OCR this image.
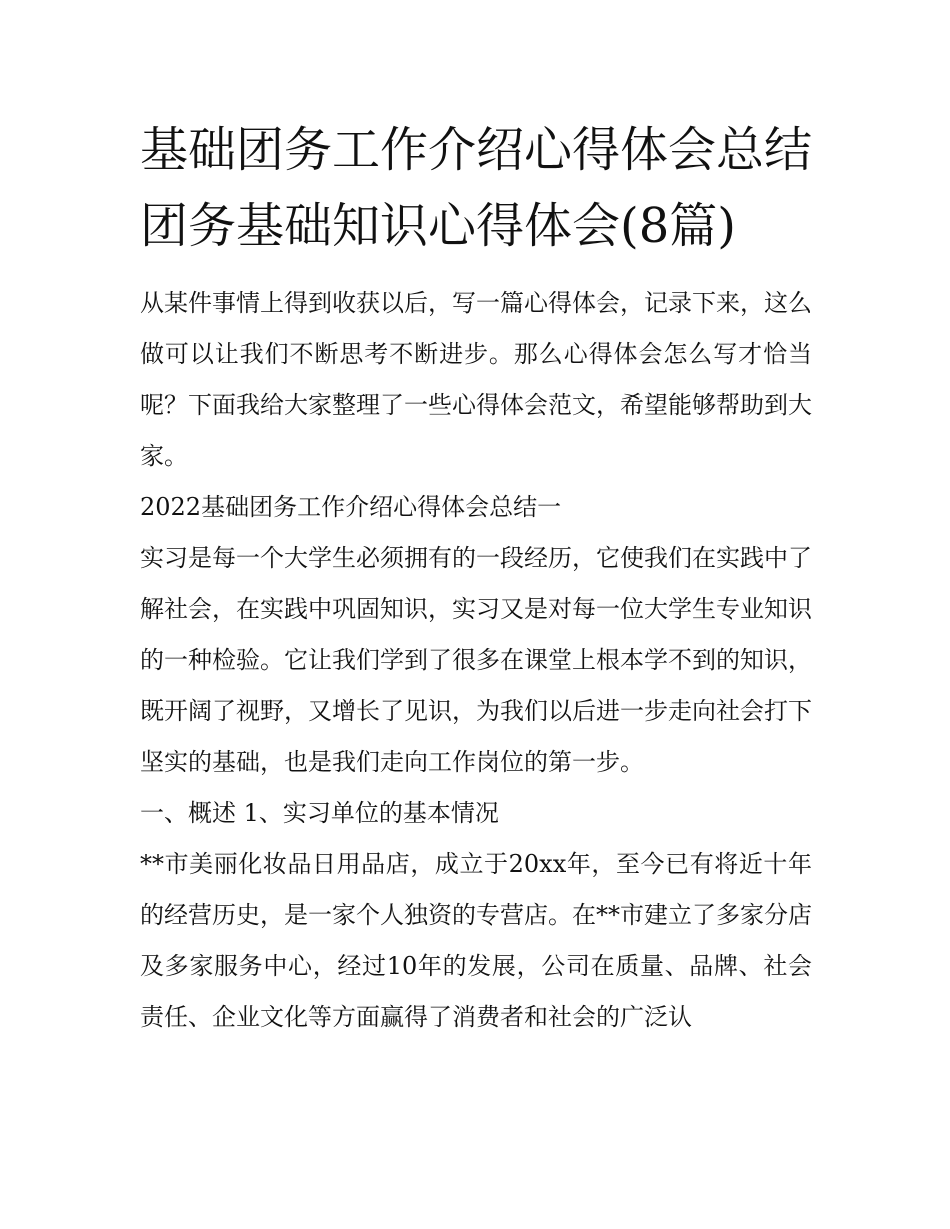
基础团务工作介绍心得体会总结 团务基础知识心得体会(8篇)

从某件事情上得到收获以后，写一篇心得体会，记录下来，这么做可以让我们不断思考不断进步。那么心得体会怎么写才恰当呢？下面我给大家整理了一些心得体会范文，希望能够帮助到大家。

2022基础团务工作介绍心得体会总结一

实习是每一个大学生必须拥有的一段经历，它使我们在实践中了解社会，在实践中巩固知识，实习又是对每一位大学生专业知识的一种检验。它让我们学到了很多在课堂上根本学不到的知识，既开阔了视野，又增长了见识，为我们以后进一步走向社会打下坚实的基础，也是我们走向工作岗位的第一步。

一、概述 1、实习单位的基本情况

**市美丽化妆品日用品店，成立于20xx年，至今已有将近十年的经营历史，是一家个人独资的专营店。在**市建立了多家分店及多家服务中心，经过10年的发展，公司在质量、品牌、社会责任、企业文化等方面赢得了消费者和社会的广泛认
